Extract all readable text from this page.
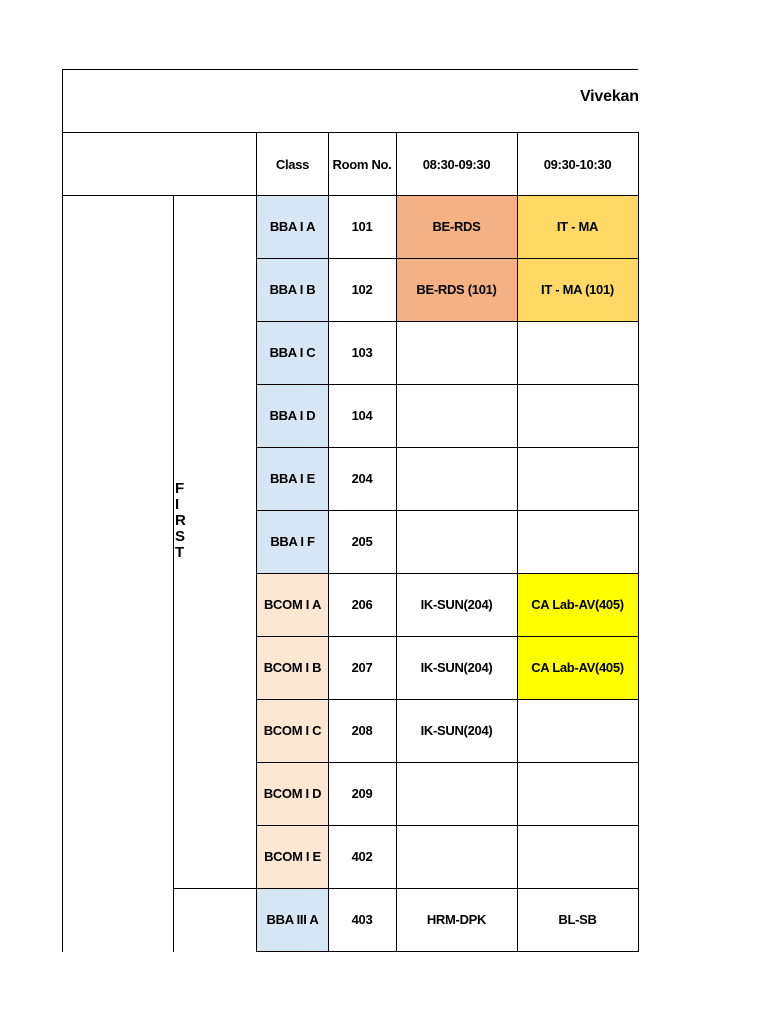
Vivekan
Class	Room No.	08:30-09:30	09:30-10:30
F
I
R
S
T
BBA I A	101	BE-RDS	IT - MA
BBA I B	102	BE-RDS (101)	IT - MA (101)
BBA I C	103
BBA I D	104
BBA I E	204
BBA I F	205
BCOM I A	206	IK-SUN(204)	CA Lab-AV(405)
BCOM I B	207	IK-SUN(204)	CA Lab-AV(405)
BCOM I C	208	IK-SUN(204)
BCOM I D	209
BCOM I E	402
BBA III A	403	HRM-DPK	BL-SB
